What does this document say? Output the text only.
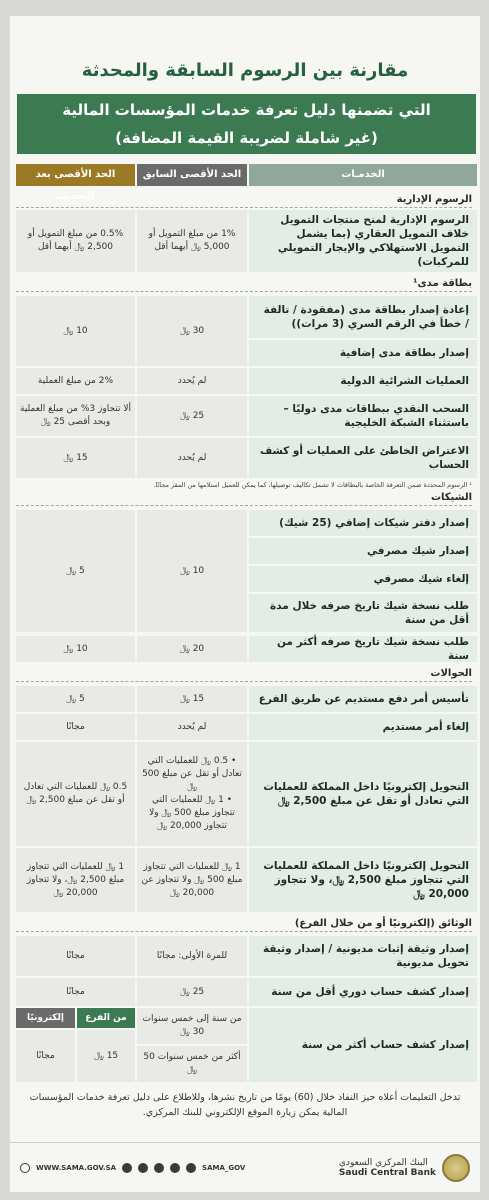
مقارنة بين الرسوم السابقة والمحدثة
التي تضمنها دليل تعرفة خدمات المؤسسات المالية
(غير شاملة لضريبة القيمة المضافة)
الخدمـات
الحد الأقصى السابق
الحد الأقصى بعد التحديث	الرسوم الإدارية
الرسوم الإدارية لمنح منتجات التمويل خلاف التمويل العقاري (بما يشمل التمويل الاستهلاكي والإيجار التمويلي للمركبات)
1% من مبلغ التمويل أو 5,000 ﷼ أيهما أقل
0.5% من مبلغ التمويل أو 2,500 ﷼ أيهما أقل
بطاقة مدى¹
إعادة إصدار بطاقة مدى (مفقودة / تالفة / خطأ في الرقم السري (3 مرات))
إصدار بطاقة مدى إضافية
30 ﷼
10 ﷼
العمليات الشرائية الدولية
لم يُحدد
2% من مبلغ العملية
السحب النقدي ببطاقات مدى دوليًا – باستثناء الشبكة الخليجية
25 ﷼
ألا تتجاوز 3% من مبلغ العملية وبحد أقصى 25 ﷼
الاعتراض الخاطئ على العمليات أو كشف الحساب
لم يُحدد
15 ﷼
¹ الرسوم المحددة ضمن التعرفة الخاصة بالبطاقات لا تشمل تكاليف توصيلها، كما يمكن للعميل استلامها من المقر مجانًا.
الشيكات
إصدار دفتر شيكات إضافي (25 شيك)
إصدار شيك مصرفي
إلغاء شيك مصرفي
طلب نسخة شيك تاريخ صرفه خلال مدة أقل من سنة
10 ﷼
5 ﷼
طلب نسخة شيك تاريخ صرفه أكثر من سنة
20 ﷼
10 ﷼
الحوالات
تأسيس أمر دفع مستديم عن طريق الفرع
15 ﷼
5 ﷼
إلغاء أمر مستديم
لم يُحدد
مجانًا
التحويل إلكترونيًا داخل المملكة للعمليات التي تعادل أو تقل عن مبلغ 2,500 ﷼
• 0.5 ﷼ للعمليات التي تعادل أو تقل عن مبلغ 500 ﷼
• 1 ﷼ للعمليات التي تتجاوز مبلغ 500 ﷼ ولا تتجاوز 20,000 ﷼
0.5 ﷼ للعمليات التي تعادل أو تقل عن مبلغ 2,500 ﷼
التحويل إلكترونيًا داخل المملكة للعمليات التي تتجاوز مبلغ 2,500 ﷼، ولا تتجاوز 20,000 ﷼
1 ﷼ للعمليات التي تتجاوز مبلغ 500 ﷼ ولا تتجاوز عن 20,000 ﷼
1 ﷼ للعمليات التي تتجاوز مبلغ 2,500 ﷼، ولا تتجاوز 20,000 ﷼
الوثائق (إلكترونيًا أو من خلال الفرع)
إصدار وثيقة إثبات مديونية / إصدار وثيقة تحويل مديونية
للمرة الأولى: مجانًا
مجانًا
إصدار كشف حساب دوري أقل من سنة
25 ﷼
مجانًا
إصدار كشف حساب أكثر من سنة
من سنة إلى خمس سنوات 30 ﷼
أكثر من خمس سنوات 50 ﷼
من الفرع
إلكترونيًا
15 ﷼
مجانًا
تدخل التعليمات أعلاه حيز النفاذ خلال (60) يومًا من تاريخ نشرها، وللاطلاع على دليل تعرفة خدمات المؤسسات المالية يمكن زيارة الموقع الإلكتروني للبنك المركزي.
البنك المركزي السعودي
Saudi Central Bank
WWW.SAMA.GOV.SA	SAMA_GOV
